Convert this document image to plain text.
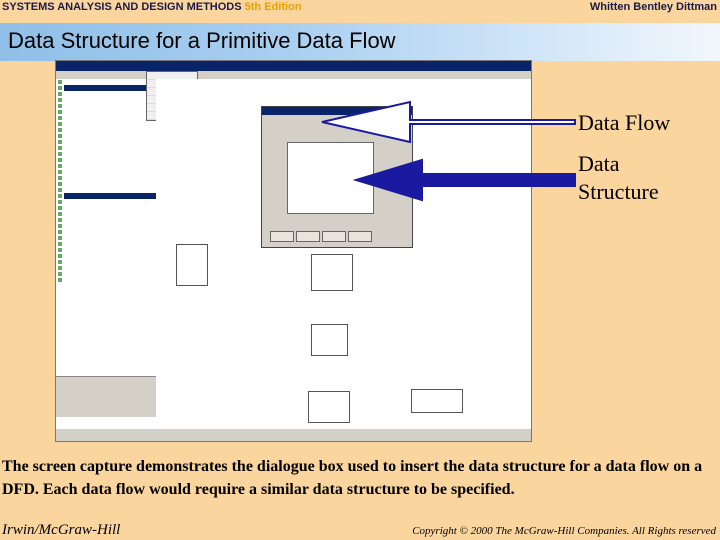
SYSTEMS ANALYSIS AND DESIGN METHODS 5th Edition	Whitten Bentley Dittman
Data Structure for a Primitive Data Flow
Data Flow
Data
Structure

The screen capture demonstrates the dialogue box used to insert the data structure for a data flow on a DFD. Each data flow would require a similar data structure to be specified.

Irwin/McGraw-Hill	Copyright © 2000 The McGraw-Hill Companies. All Rights reserved
